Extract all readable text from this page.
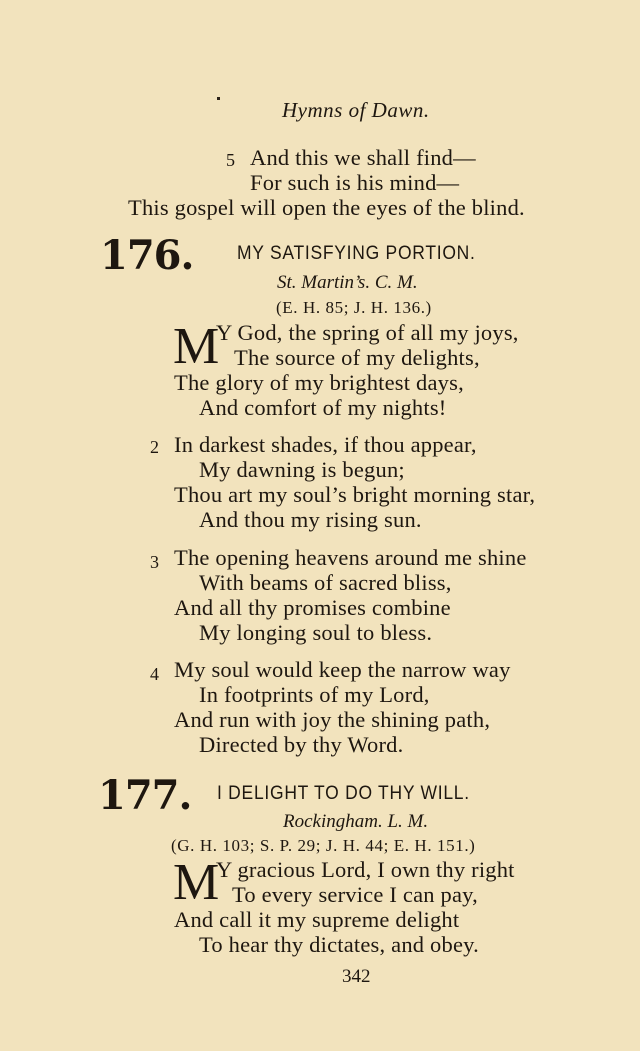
Hymns of Dawn.
5 And this we shall find—
For such is his mind—
This gospel will open the eyes of the blind.
176. MY SATISFYING PORTION.
St. Martin’s. C. M.
(E. H. 85; J. H. 136.)
M
Y God, the spring of all my joys,
The source of my delights,
The glory of my brightest days,
And comfort of my nights!
2 In darkest shades, if thou appear,
My dawning is begun;
Thou art my soul’s bright morning star,
And thou my rising sun.
3 The opening heavens around me shine
With beams of sacred bliss,
And all thy promises combine
My longing soul to bless.
4 My soul would keep the narrow way
In footprints of my Lord,
And run with joy the shining path,
Directed by thy Word.
177. I DELIGHT TO DO THY WILL.
Rockingham. L. M.
(G. H. 103; S. P. 29; J. H. 44; E. H. 151.)
M
Y gracious Lord, I own thy right
To every service I can pay,
And call it my supreme delight
To hear thy dictates, and obey.
342
